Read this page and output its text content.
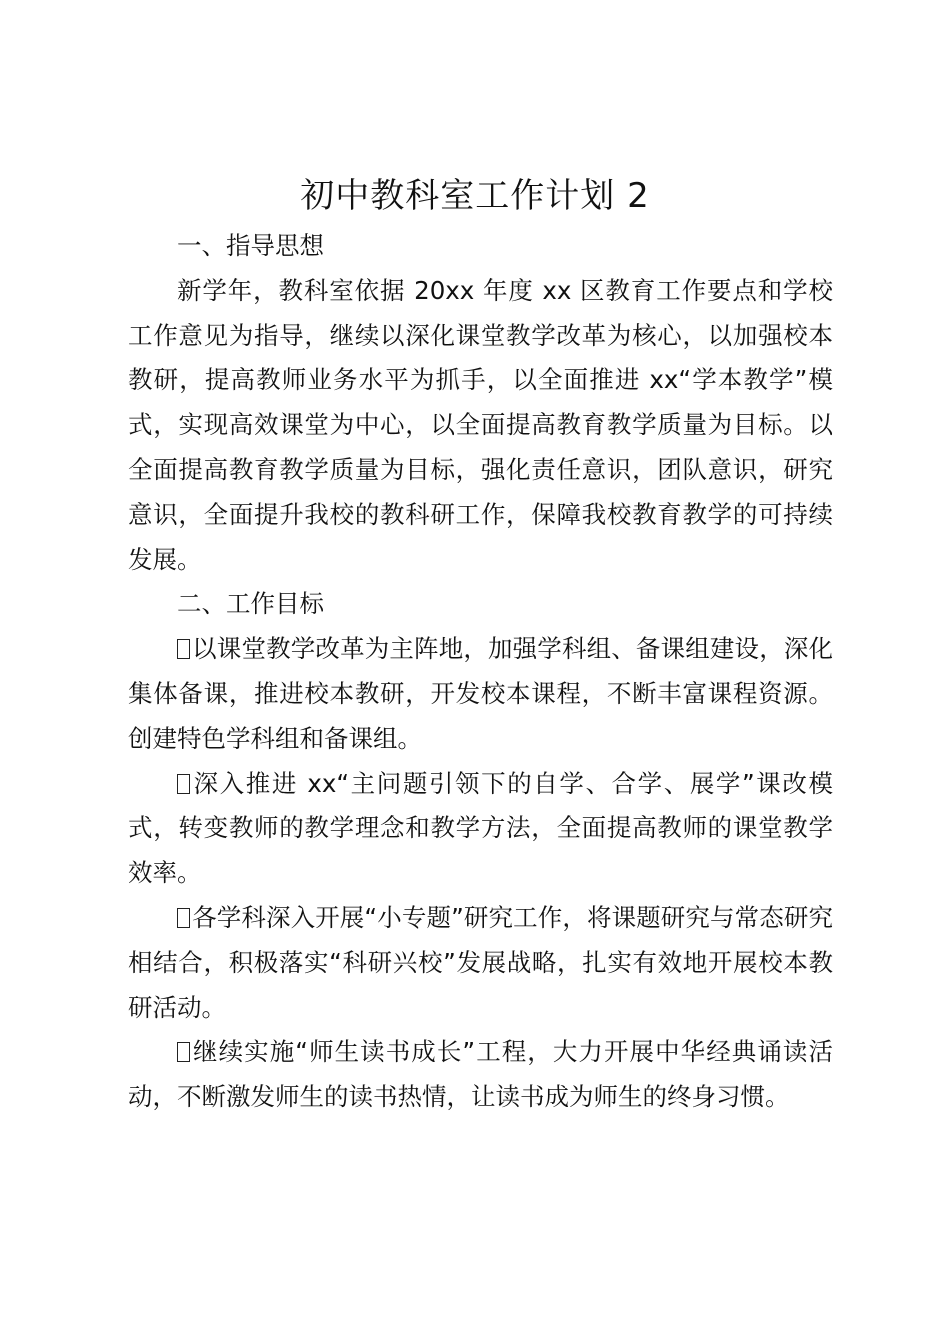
初中教科室工作计划 2

一、指导思想

新学年，教科室依据 20xx 年度 xx 区教育工作要点和学校工作意见为指导，继续以深化课堂教学改革为核心，以加强校本教研，提高教师业务水平为抓手，以全面推进 xx“学本教学”模式，实现高效课堂为中心，以全面提高教育教学质量为目标。以全面提高教育教学质量为目标，强化责任意识，团队意识，研究意识，全面提升我校的教科研工作，保障我校教育教学的可持续发展。

二、工作目标

以课堂教学改革为主阵地，加强学科组、备课组建设，深化集体备课，推进校本教研，开发校本课程，不断丰富课程资源。创建特色学科组和备课组。

深入推进 xx“主问题引领下的自学、合学、展学”课改模式，转变教师的教学理念和教学方法，全面提高教师的课堂教学效率。

各学科深入开展“小专题”研究工作，将课题研究与常态研究相结合，积极落实“科研兴校”发展战略，扎实有效地开展校本教研活动。

继续实施“师生读书成长”工程，大力开展中华经典诵读活动，不断激发师生的读书热情，让读书成为师生的终身习惯。
